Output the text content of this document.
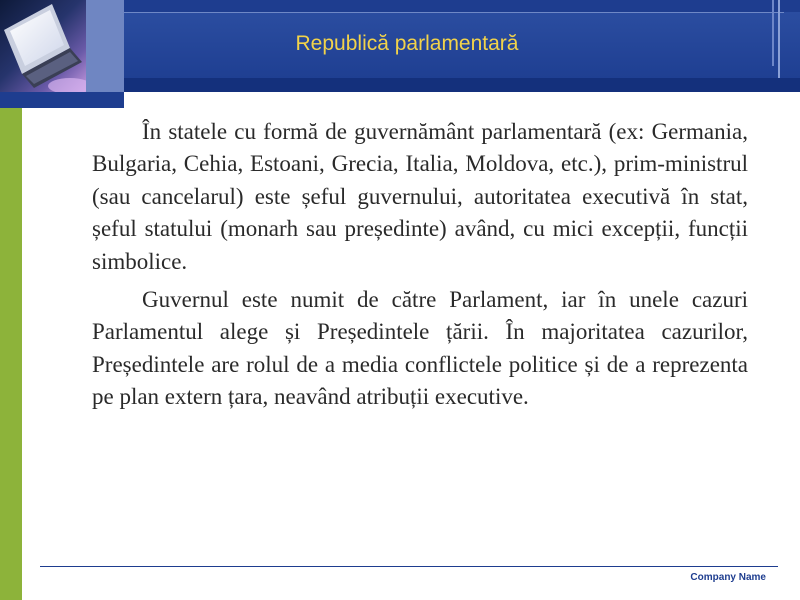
Republică parlamentară

În statele cu formă de guvernământ parlamentară (ex: Germania, Bulgaria, Cehia, Estoani, Grecia, Italia, Moldova, etc.), prim-ministrul (sau cancelarul) este șeful guvernului, autoritatea executivă în stat, șeful statului (monarh sau președinte) având, cu mici excepții, funcții simbolice.

Guvernul este numit de către Parlament, iar în unele cazuri Parlamentul alege și Președintele țării. În majoritatea cazurilor, Președintele are rolul de a media conflictele politice și de a reprezenta pe plan extern țara, neavând atribuții executive.

Company Name
